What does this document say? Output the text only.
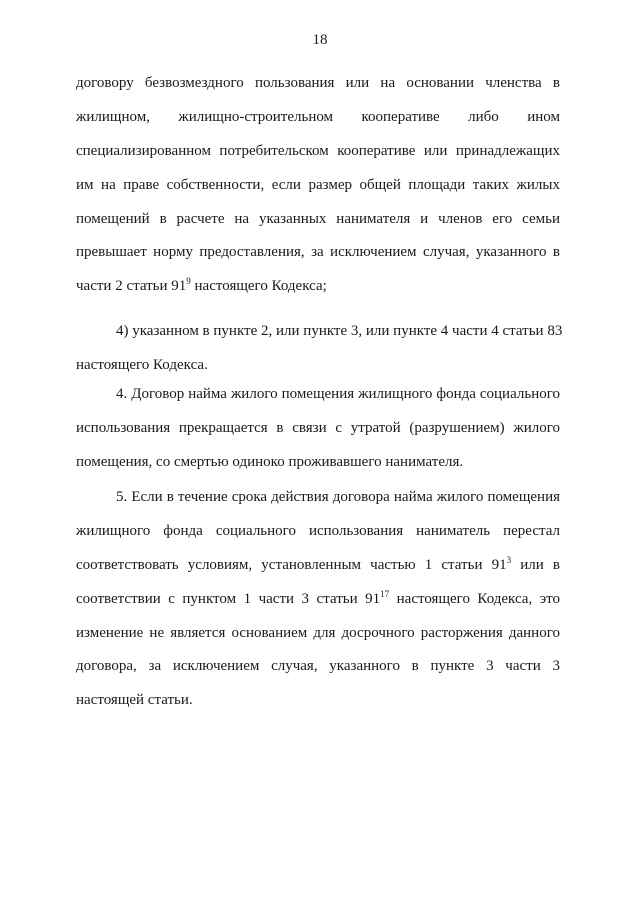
18
договору безвозмездного пользования или на основании членства в
жилищном, жилищно-строительном кооперативе либо ином
специализированном потребительском кооперативе или принадлежащих
им на праве собственности, если размер общей площади таких жилых
помещений в расчете на указанных нанимателя и членов его семьи
превышает норму предоставления, за исключением случая, указанного в
части 2 статьи $91^9$ настоящего Кодекса;
4) указанном в пункте 2, или пункте 3, или пункте 4 части 4 статьи 83
настоящего Кодекса.
4. Договор найма жилого помещения жилищного фонда социального
использования прекращается в связи с утратой (разрушением) жилого
помещения, со смертью одиноко проживавшего нанимателя.
5. Если в течение срока действия договора найма жилого помещения
жилищного фонда социального использования наниматель перестал
соответствовать условиям, установленным частью 1 статьи $91^3$ или в
соответствии с пунктом 1 части 3 статьи $91^{17}$ настоящего Кодекса, это
изменение не является основанием для досрочного расторжения данного
договора, за исключением случая, указанного в пункте 3 части 3
настоящей статьи.
